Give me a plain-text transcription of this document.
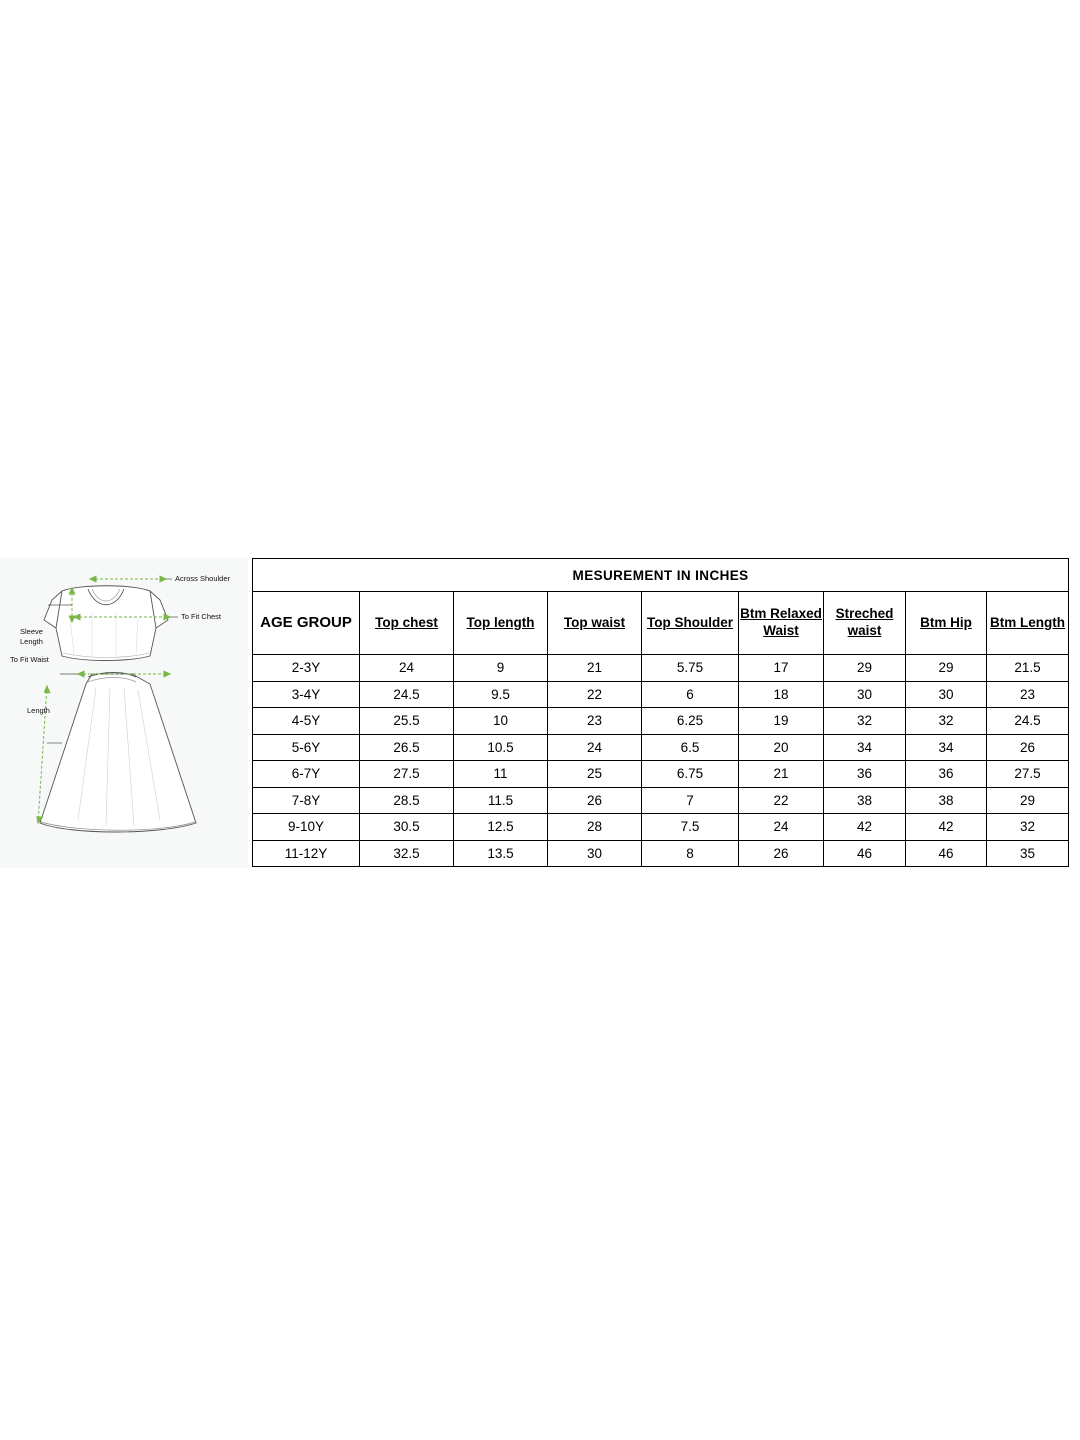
Sleeve
Length
Across Shoulder
To Fit Chest
To Fit Waist
Length
MESUREMENT IN INCHES								
AGE GROUP	Top chest	Top length	Top waist	Top Shoulder	Btm Relaxed Waist	Streched waist	Btm Hip	Btm Length
2-3Y	24	9	21	5.75	17	29	29	21.5
3-4Y	24.5	9.5	22	6	18	30	30	23
4-5Y	25.5	10	23	6.25	19	32	32	24.5
5-6Y	26.5	10.5	24	6.5	20	34	34	26
6-7Y	27.5	11	25	6.75	21	36	36	27.5
7-8Y	28.5	11.5	26	7	22	38	38	29
9-10Y	30.5	12.5	28	7.5	24	42	42	32
11-12Y	32.5	13.5	30	8	26	46	46	35
